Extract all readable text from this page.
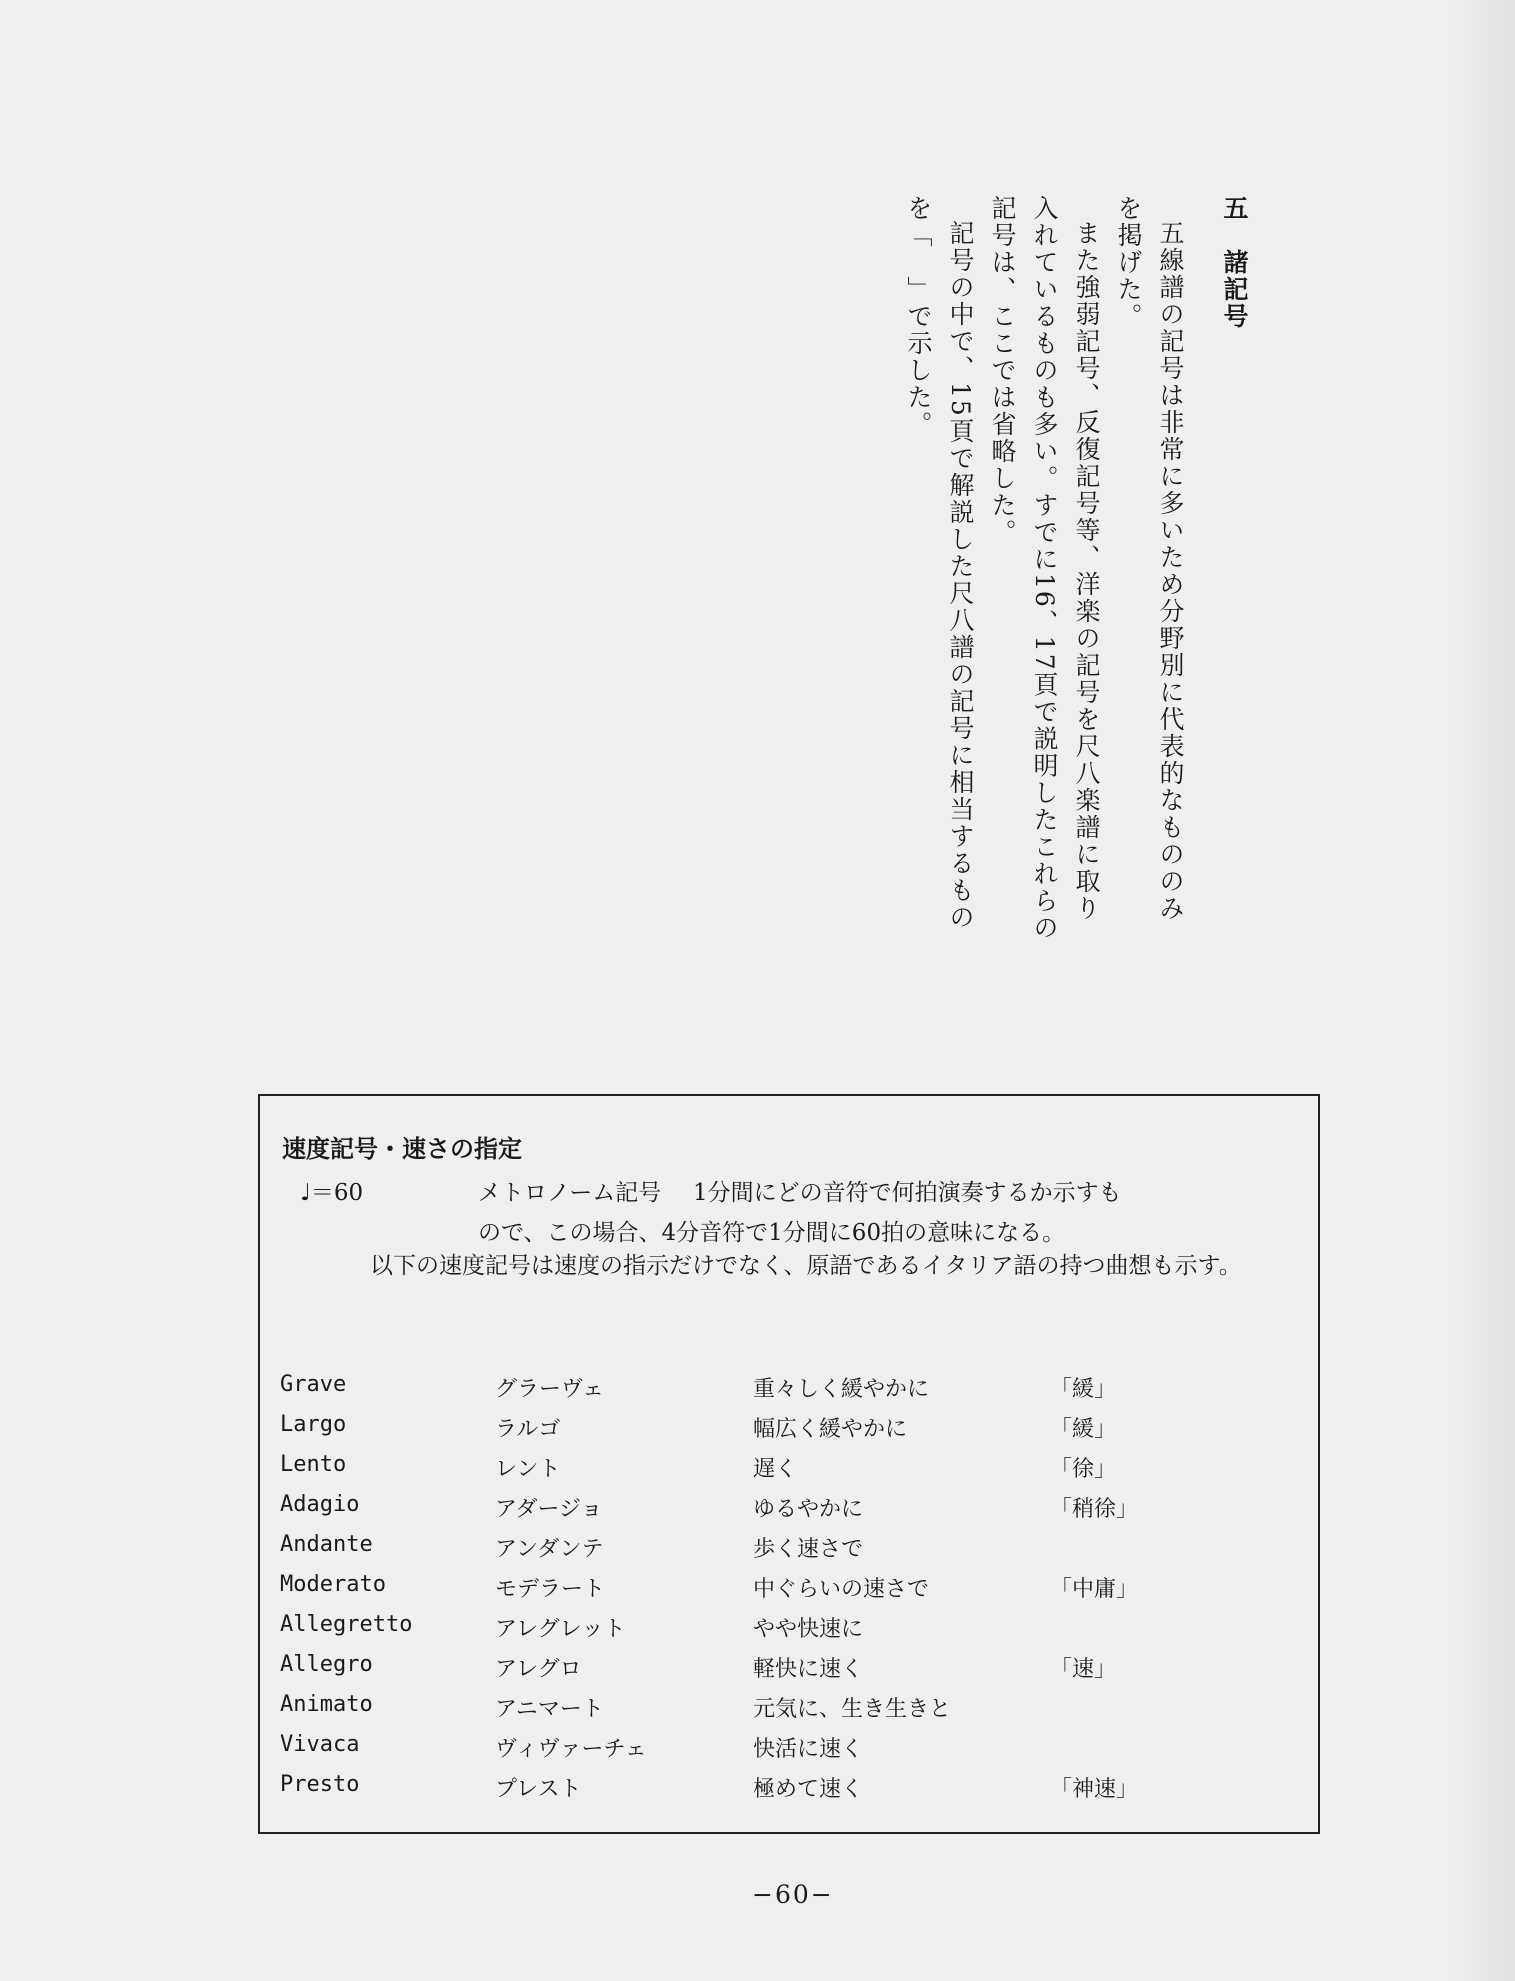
五　諸記号

五線譜の記号は非常に多いため分野別に代表的なもののみを掲げた。

また強弱記号、反復記号等、洋楽の記号を尺八楽譜に取り入れているものも多い。すでに16、17頁で説明したこれらの記号は、ここでは省略した。

記号の中で、15頁で解説した尺八譜の記号に相当するものを「　」で示した。

速度記号・速さの指定
♩＝60	メトロノーム記号 1分間にどの音符で何拍演奏するか示すも
ので、この場合、4分音符で1分間に60拍の意味になる。
以下の速度記号は速度の指示だけでなく、原語であるイタリア語の持つ曲想も示す。
Grave	グラーヴェ	重々しく緩やかに	「緩」
Largo	ラルゴ	幅広く緩やかに	「緩」
Lento	レント	遅く	「徐」
Adagio	アダージョ	ゆるやかに	「稍徐」
Andante	アンダンテ	歩く速さで
Moderato	モデラート	中ぐらいの速さで	「中庸」
Allegretto	アレグレット	やや快速に
Allegro	アレグロ	軽快に速く	「速」
Animato	アニマート	元気に、生き生きと
Vivaca	ヴィヴァーチェ	快活に速く
Presto	プレスト	極めて速く	「神速」
−60−
